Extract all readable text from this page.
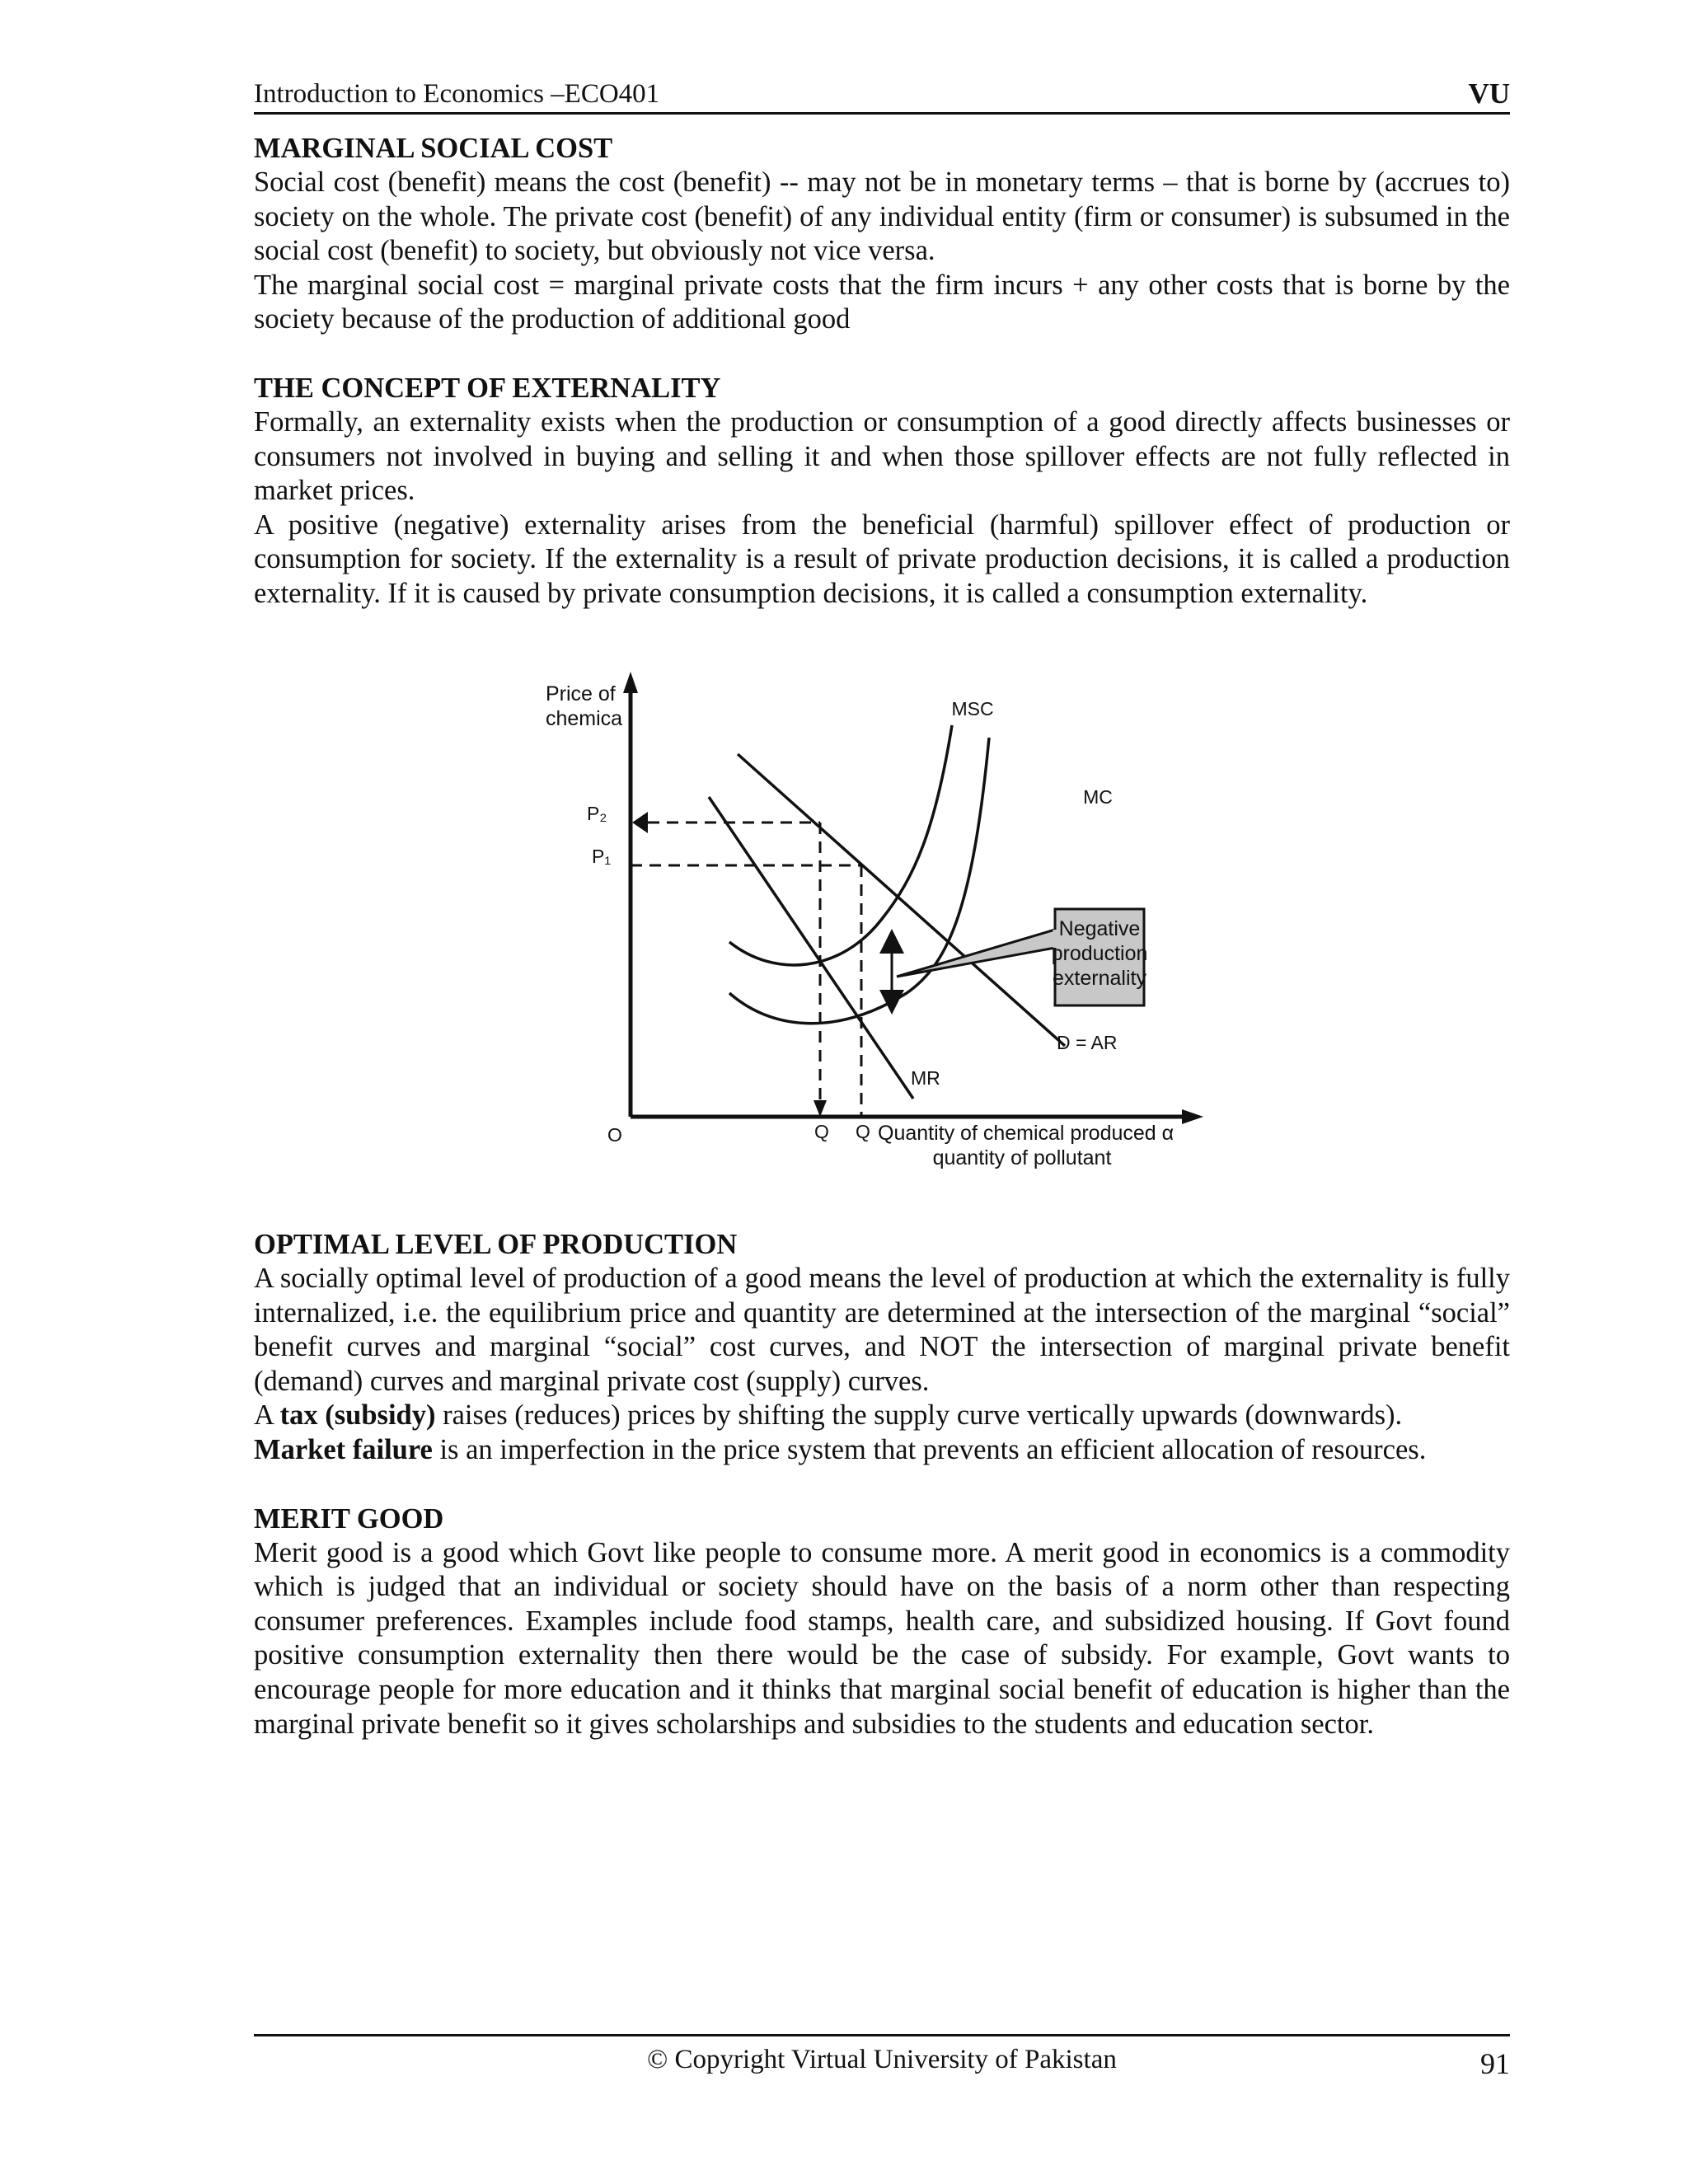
Introduction to Economics –ECO401	VU
MARGINAL SOCIAL COST

Social cost (benefit) means the cost (benefit) -- may not be in monetary terms – that is borne by (accrues to) society on the whole. The private cost (benefit) of any individual entity (firm or consumer) is subsumed in the social cost (benefit) to society, but obviously not vice versa.

The marginal social cost = marginal private costs that the firm incurs + any other costs that is borne by the society because of the production of additional good

THE CONCEPT OF EXTERNALITY

Formally, an externality exists when the production or consumption of a good directly affects businesses or consumers not involved in buying and selling it and when those spillover effects are not fully reflected in market prices.

A positive (negative) externality arises from the beneficial (harmful) spillover effect of production or consumption for society. If the externality is a result of private production decisions, it is called a production externality. If it is caused by private consumption decisions, it is called a consumption externality.

Negative
production
externality
Price of
chemica	MSC
MC
D = AR
MR
P₂
P₁
O	Q Q Quantity of chemical produced α
quantity of pollutant
OPTIMAL LEVEL OF PRODUCTION

A socially optimal level of production of a good means the level of production at which the externality is fully internalized, i.e. the equilibrium price and quantity are determined at the intersection of the marginal “social” benefit curves and marginal “social” cost curves, and NOT the intersection of marginal private benefit (demand) curves and marginal private cost (supply) curves.

A tax (subsidy) raises (reduces) prices by shifting the supply curve vertically upwards (downwards).

Market failure is an imperfection in the price system that prevents an efficient allocation of resources.

MERIT GOOD

Merit good is a good which Govt like people to consume more. A merit good in economics is a commodity which is judged that an individual or society should have on the basis of a norm other than respecting consumer preferences. Examples include food stamps, health care, and subsidized housing. If Govt found positive consumption externality then there would be the case of subsidy. For example, Govt wants to encourage people for more education and it thinks that marginal social benefit of education is higher than the marginal private benefit so it gives scholarships and subsidies to the students and education sector.

© Copyright Virtual University of Pakistan	91
